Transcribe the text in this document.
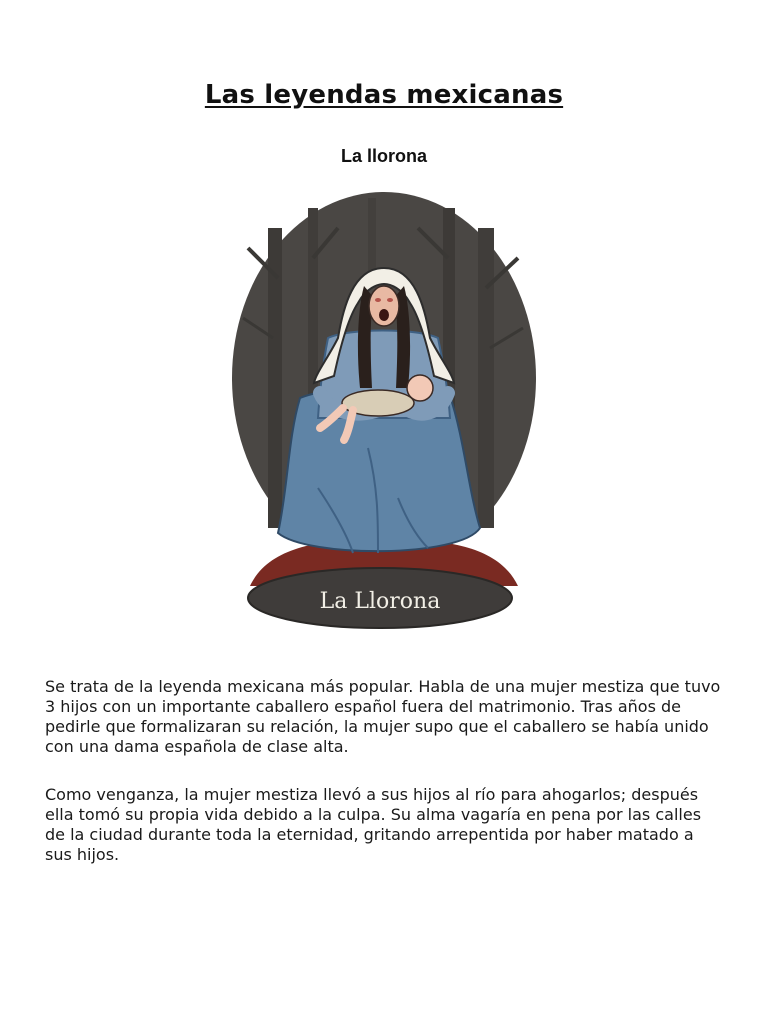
Las leyendas mexicanas
La llorona
La Llorona

Se trata de la leyenda mexicana más popular. Habla de una mujer mestiza que tuvo 3 hijos con un importante caballero español fuera del matrimonio. Tras años de pedirle que formalizaran su relación, la mujer supo que el caballero se había unido con una dama española de clase alta.

Como venganza, la mujer mestiza llevó a sus hijos al río para ahogarlos; después ella tomó su propia vida debido a la culpa. Su alma vagaría en pena por las calles de la ciudad durante toda la eternidad, gritando arrepentida por haber matado a sus hijos.
